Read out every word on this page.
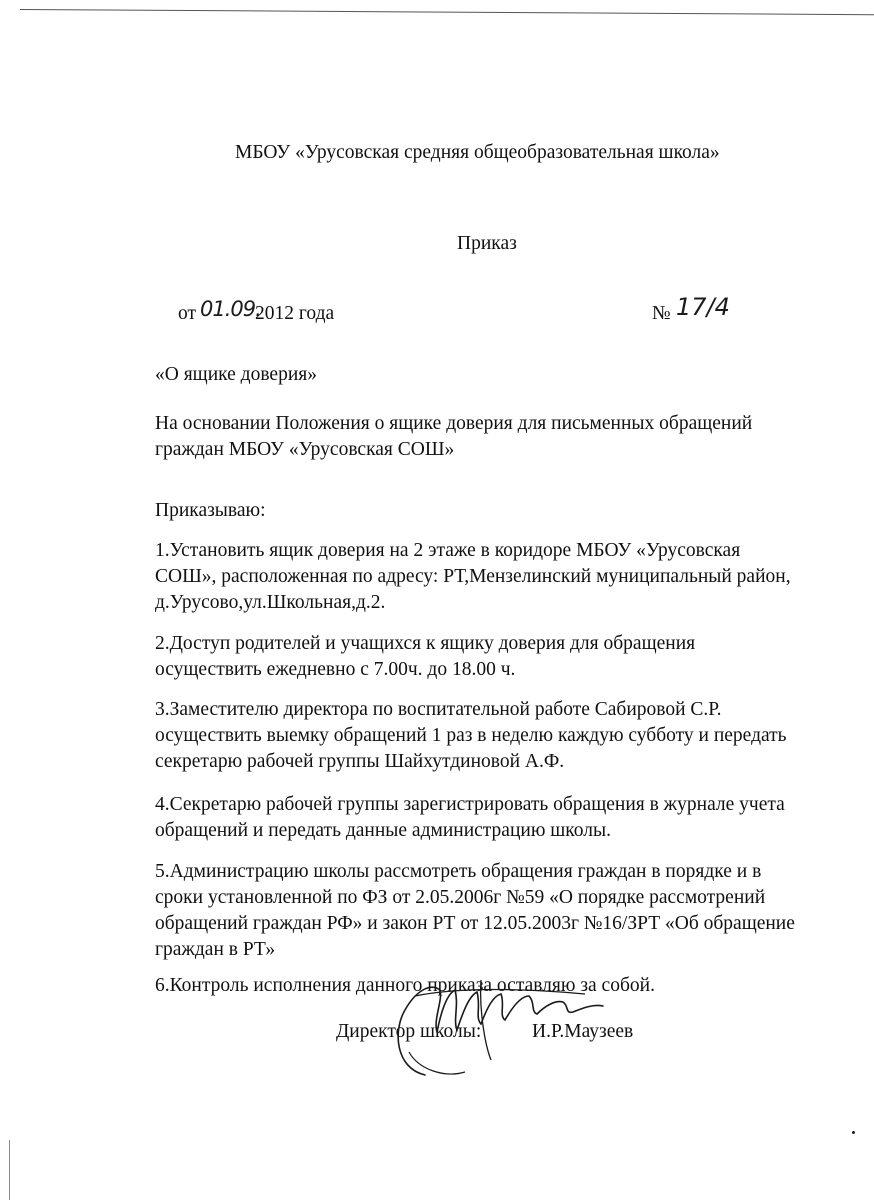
МБОУ «Урусовская средняя общеобразовательная школа»
Приказ
от 01.09.
2012 года	№ 17/4
«О ящике доверия»
На основании Положения о ящике доверия для письменных обращений
граждан МБОУ «Урусовская СОШ»
Приказываю:
1.Установить ящик доверия на 2 этаже в коридоре МБОУ «Урусовская
СОШ», расположенная по адресу: РТ,Мензелинский муниципальный район,
д.Урусово,ул.Школьная,д.2.
2.Доступ родителей и учащихся к ящику доверия для обращения
осуществить ежедневно с 7.00ч. до 18.00 ч.
3.Заместителю директора по воспитательной работе Сабировой С.Р.
осуществить выемку обращений 1 раз в неделю каждую субботу и передать
секретарю рабочей группы Шайхутдиновой А.Ф.
4.Секретарю рабочей группы зарегистрировать обращения в журнале учета
обращений и передать данные администрацию школы.
5.Администрацию школы рассмотреть обращения граждан в порядке и в
сроки установленной по ФЗ от 2.05.2006г №59 «О порядке рассмотрений
обращений граждан РФ» и закон РТ от 12.05.2003г №16/ЗРТ «Об обращение
граждан в РТ»
6.Контроль исполнения данного приказа оставляю за собой.
Директор школы:	И.Р.Маузеев
